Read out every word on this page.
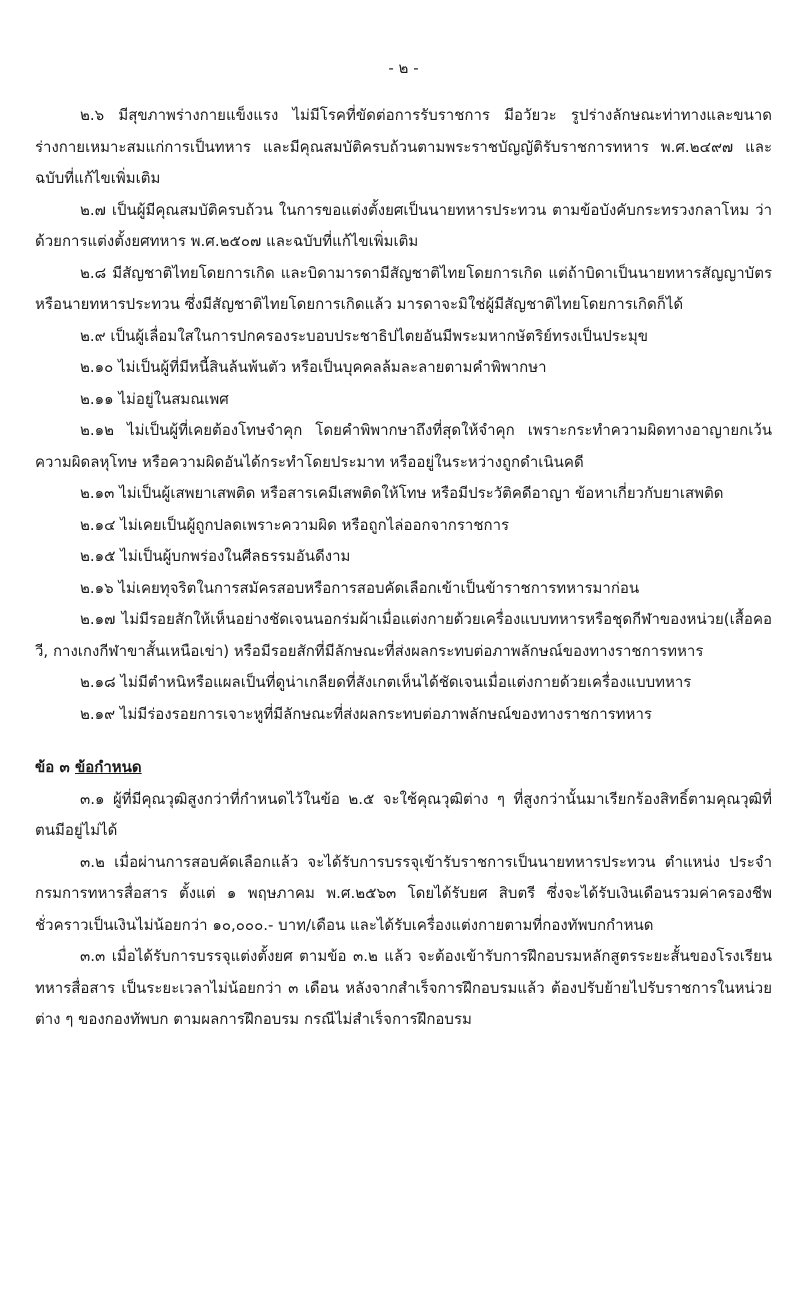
- ๒ -

๒.๖ มีสุขภาพร่างกายแข็งแรง ไม่มีโรคที่ขัดต่อการรับราชการ มีอวัยวะ รูปร่างลักษณะท่าทางและขนาดร่างกายเหมาะสมแก่การเป็นทหาร และมีคุณสมบัติครบถ้วนตามพระราชบัญญัติรับราชการทหาร พ.ศ.๒๔๙๗ และฉบับที่แก้ไขเพิ่มเติม

๒.๗ เป็นผู้มีคุณสมบัติครบถ้วน ในการขอแต่งตั้งยศเป็นนายทหารประทวน ตามข้อบังคับกระทรวงกลาโหม ว่าด้วยการแต่งตั้งยศทหาร พ.ศ.๒๕๐๗ และฉบับที่แก้ไขเพิ่มเติม

๒.๘ มีสัญชาติไทยโดยการเกิด และบิดามารดามีสัญชาติไทยโดยการเกิด แต่ถ้าบิดาเป็นนายทหารสัญญาบัตร หรือนายทหารประทวน ซึ่งมีสัญชาติไทยโดยการเกิดแล้ว มารดาจะมิใช่ผู้มีสัญชาติไทยโดยการเกิดก็ได้

๒.๙ เป็นผู้เลื่อมใสในการปกครองระบอบประชาธิปไตยอันมีพระมหากษัตริย์ทรงเป็นประมุข

๒.๑๐ ไม่เป็นผู้ที่มีหนี้สินล้นพ้นตัว หรือเป็นบุคคลล้มละลายตามคำพิพากษา

๒.๑๑ ไม่อยู่ในสมณเพศ

๒.๑๒ ไม่เป็นผู้ที่เคยต้องโทษจำคุก โดยคำพิพากษาถึงที่สุดให้จำคุก เพราะกระทำความผิดทางอาญายกเว้นความผิดลหุโทษ หรือความผิดอันได้กระทำโดยประมาท หรืออยู่ในระหว่างถูกดำเนินคดี

๒.๑๓ ไม่เป็นผู้เสพยาเสพติด หรือสารเคมีเสพติดให้โทษ หรือมีประวัติคดีอาญา ข้อหาเกี่ยวกับยาเสพติด

๒.๑๔ ไม่เคยเป็นผู้ถูกปลดเพราะความผิด หรือถูกไล่ออกจากราชการ

๒.๑๕ ไม่เป็นผู้บกพร่องในศีลธรรมอันดีงาม

๒.๑๖ ไม่เคยทุจริตในการสมัครสอบหรือการสอบคัดเลือกเข้าเป็นข้าราชการทหารมาก่อน

๒.๑๗ ไม่มีรอยสักให้เห็นอย่างชัดเจนนอกร่มผ้าเมื่อแต่งกายด้วยเครื่องแบบทหารหรือชุดกีฬาของหน่วย(เสื้อคอวี, กางเกงกีฬาขาสั้นเหนือเข่า) หรือมีรอยสักที่มีลักษณะที่ส่งผลกระทบต่อภาพลักษณ์ของทางราชการทหาร

๒.๑๘ ไม่มีตำหนิหรือแผลเป็นที่ดูน่าเกลียดที่สังเกตเห็นได้ชัดเจนเมื่อแต่งกายด้วยเครื่องแบบทหาร

๒.๑๙ ไม่มีร่องรอยการเจาะหูที่มีลักษณะที่ส่งผลกระทบต่อภาพลักษณ์ของทางราชการทหาร

ข้อ ๓ ข้อกำหนด

๓.๑ ผู้ที่มีคุณวุฒิสูงกว่าที่กำหนดไว้ในข้อ ๒.๕ จะใช้คุณวุฒิต่าง ๆ ที่สูงกว่านั้นมาเรียกร้องสิทธิ์ตามคุณวุฒิที่ตนมีอยู่ไม่ได้

๓.๒ เมื่อผ่านการสอบคัดเลือกแล้ว จะได้รับการบรรจุเข้ารับราชการเป็นนายทหารประทวน ตำแหน่ง ประจำ กรมการทหารสื่อสาร ตั้งแต่ ๑ พฤษภาคม พ.ศ.๒๕๖๓ โดยได้รับยศ สิบตรี ซึ่งจะได้รับเงินเดือนรวมค่าครองชีพชั่วคราวเป็นเงินไม่น้อยกว่า ๑๐,๐๐๐.- บาท/เดือน และได้รับเครื่องแต่งกายตามที่กองทัพบกกำหนด

๓.๓ เมื่อได้รับการบรรจุแต่งตั้งยศ ตามข้อ ๓.๒ แล้ว จะต้องเข้ารับการฝึกอบรมหลักสูตรระยะสั้นของโรงเรียนทหารสื่อสาร เป็นระยะเวลาไม่น้อยกว่า ๓ เดือน หลังจากสำเร็จการฝึกอบรมแล้ว ต้องปรับย้ายไปรับราชการในหน่วยต่าง ๆ ของกองทัพบก ตามผลการฝึกอบรม กรณีไม่สำเร็จการฝึกอบรม
